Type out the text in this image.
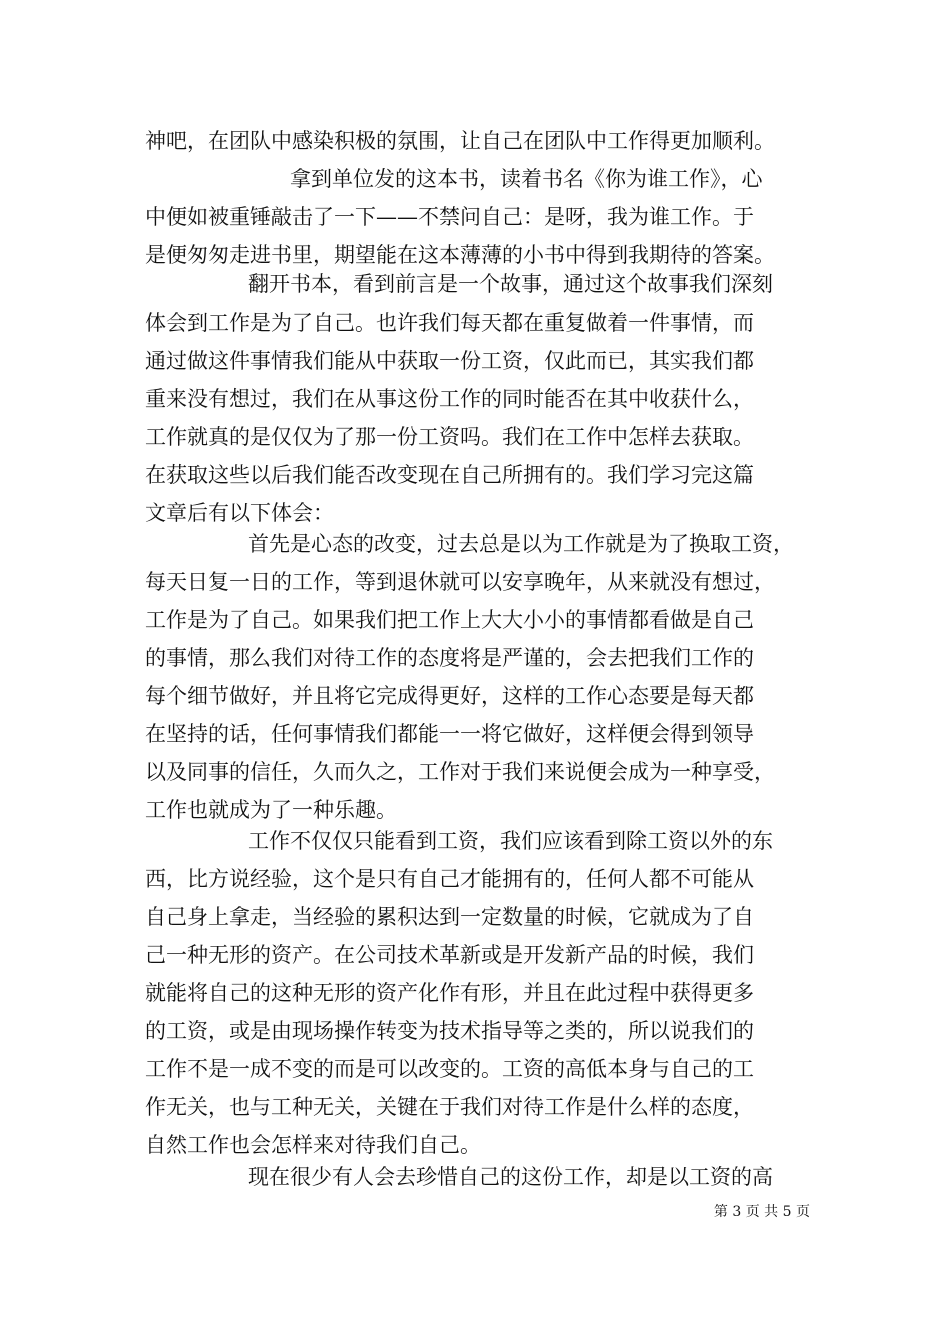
神吧，在团队中感染积极的氛围，让自己在团队中工作得更加顺利。
拿到单位发的这本书，读着书名《你为谁工作》，心
中便如被重锤敲击了一下——不禁问自己：是呀，我为谁工作。于
是便匆匆走进书里，期望能在这本薄薄的小书中得到我期待的答案。
翻开书本，看到前言是一个故事，通过这个故事我们深刻
体会到工作是为了自己。也许我们每天都在重复做着一件事情，而
通过做这件事情我们能从中获取一份工资，仅此而已，其实我们都
重来没有想过，我们在从事这份工作的同时能否在其中收获什么，
工作就真的是仅仅为了那一份工资吗。我们在工作中怎样去获取。
在获取这些以后我们能否改变现在自己所拥有的。我们学习完这篇
文章后有以下体会：
首先是心态的改变，过去总是以为工作就是为了换取工资，
每天日复一日的工作，等到退休就可以安享晚年，从来就没有想过，
工作是为了自己。如果我们把工作上大大小小的事情都看做是自己
的事情，那么我们对待工作的态度将是严谨的，会去把我们工作的
每个细节做好，并且将它完成得更好，这样的工作心态要是每天都
在坚持的话，任何事情我们都能一一将它做好，这样便会得到领导
以及同事的信任，久而久之，工作对于我们来说便会成为一种享受，
工作也就成为了一种乐趣。
工作不仅仅只能看到工资，我们应该看到除工资以外的东
西，比方说经验，这个是只有自己才能拥有的，任何人都不可能从
自己身上拿走，当经验的累积达到一定数量的时候，它就成为了自
己一种无形的资产。在公司技术革新或是开发新产品的时候，我们
就能将自己的这种无形的资产化作有形，并且在此过程中获得更多
的工资，或是由现场操作转变为技术指导等之类的，所以说我们的
工作不是一成不变的而是可以改变的。工资的高低本身与自己的工
作无关，也与工种无关，关键在于我们对待工作是什么样的态度，
自然工作也会怎样来对待我们自己。
现在很少有人会去珍惜自己的这份工作，却是以工资的高
第 3 页 共 5 页
